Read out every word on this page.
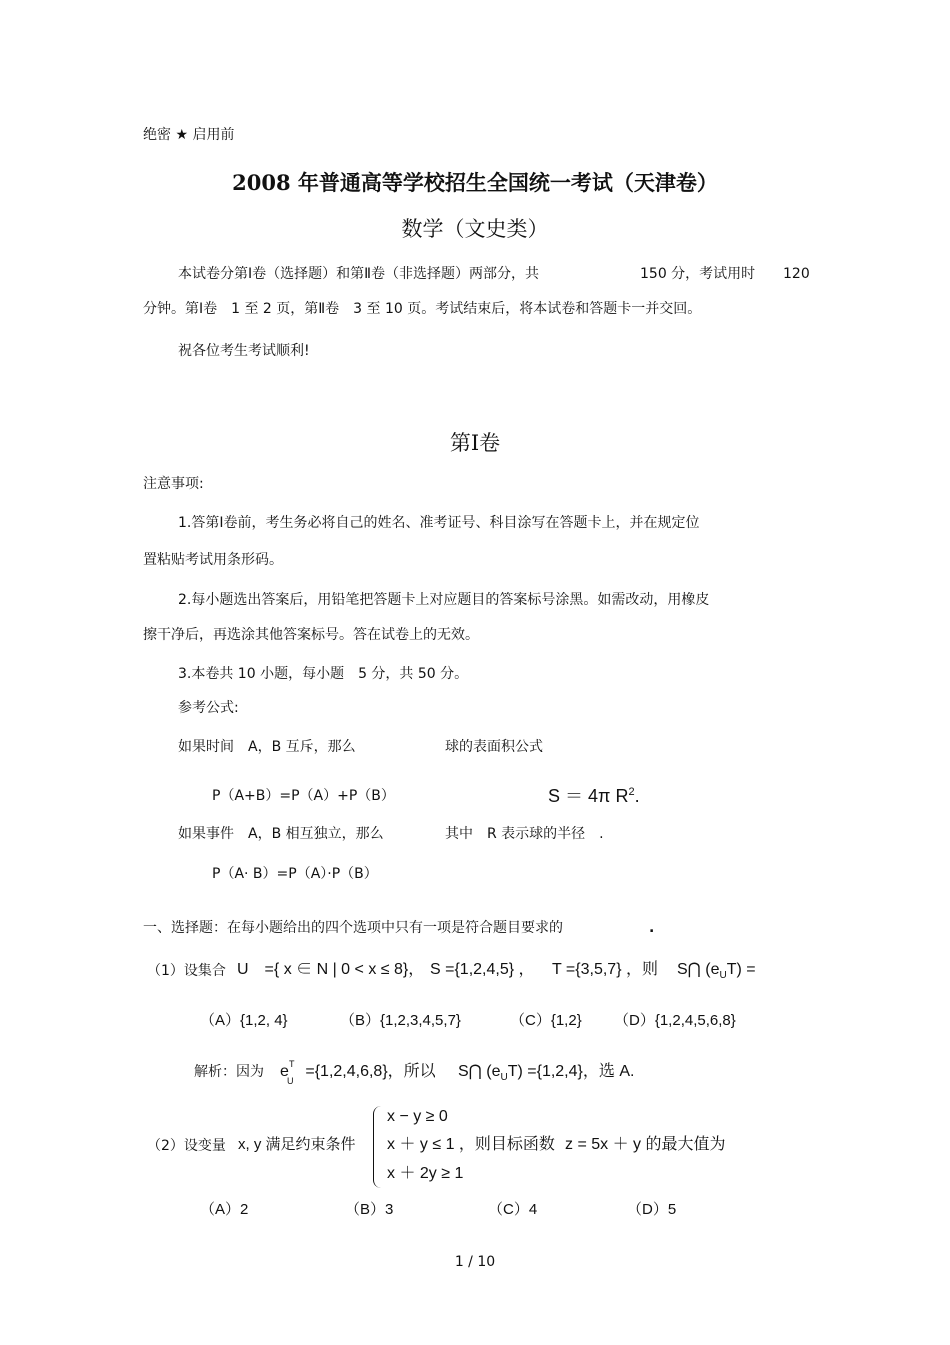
绝密 ★ 启用前
2008 年普通高等学校招生全国统一考试（天津卷）
数学（文史类）
本试卷分第Ⅰ卷（选择题）和第Ⅱ卷（非选择题）两部分，共	150 分，考试用时 120
分钟。第Ⅰ卷　1 至 2 页，第Ⅱ卷　3 至 10 页。考试结束后，将本试卷和答题卡一并交回。
祝各位考生考试顺利!
第Ⅰ卷
注意事项:
1.答第Ⅰ卷前，考生务必将自己的姓名、准考证号、科目涂写在答题卡上，并在规定位
置粘贴考试用条形码。
2.每小题选出答案后，用铅笔把答题卡上对应题目的答案标号涂黑。如需改动，用橡皮
擦干净后，再选涂其他答案标号。答在试卷上的无效。
3.本卷共 10 小题，每小题　5 分，共 50 分。
参考公式:
如果时间　A，B 互斥，那么	球的表面积公式
P（A+B）=P（A）+P（B）	S ＝ 4π $R^2$.
如果事件　A，B 相互独立，那么	其中　R 表示球的半径　.
P（A· B）=P（A）·P（B）
一、选择题：在每小题给出的四个选项中只有一项是符合题目要求的	.
（1）设集合 U　={ x ∈ N | 0 < x ≤ 8}， S ={1,2,4,5} ， T ={3,5,7} ，则 S⋂ $(e_UT)$ =
（A）{1,2, 4}	（B）{1,2,3,4,5,7}	（C）{1,2} （D）{1,2,4,5,6,8}
解析：因为 e T
U
={1,2,4,6,8}，所以 S⋂ $(e_UT) =\{1,2,4\}$，选 A.
（2）设变量 x, y 满足约束条件
x − y ≥ 0
x ＋ y ≤ 1 ，则目标函数 z = 5x ＋ y 的最大值为
x ＋ 2y ≥ 1
（A）2	（B）3	（C）4	（D）5
1 / 10
